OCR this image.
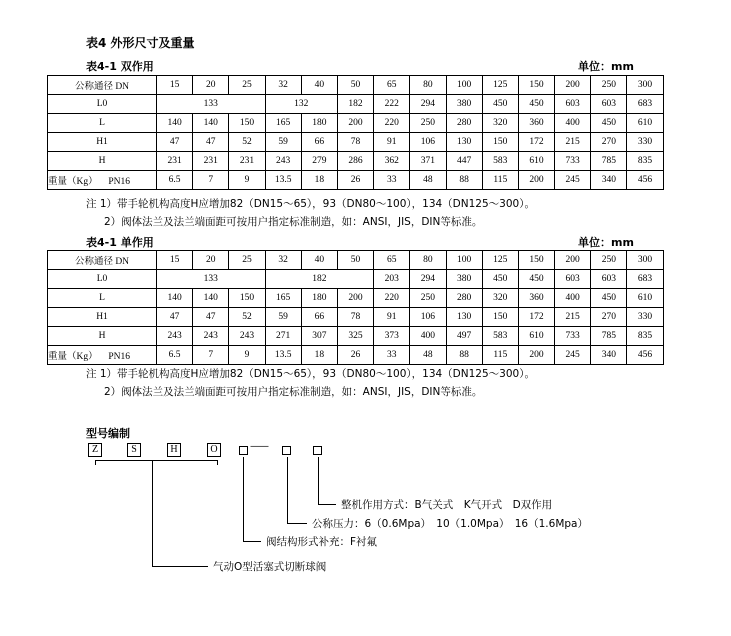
表4 外形尺寸及重量
表4-1 双作用	单位：mm
公称通径 DN	15	20	25	32	40	50	65	80	100	125	150	200	250	300
L0	133			132		182	222	294	380	450	450	603	603	683
L	140	140	150	165	180	200	220	250	280	320	360	400	450	610
H1	47	47	52	59	66	78	91	106	130	150	172	215	270	330
H	231	231	231	243	279	286	362	371	447	583	610	733	785	835
重量（Kg） PN16	6.5	7	9	13.5	18	26	33	48	88	115	200	245	340	456
注 1）带手轮机构高度H应增加82（DN15～65），93（DN80～100），134（DN125～300）。
2）阀体法兰及法兰端面距可按用户指定标准制造，如：ANSI，JIS，DIN等标准。
表4-1 单作用	单位：mm
公称通径 DN	15	20	25	32	40	50	65	80	100	125	150	200	250	300
L0	133			182			203	294	380	450	450	603	603	683
L	140	140	150	165	180	200	220	250	280	320	360	400	450	610
H1	47	47	52	59	66	78	91	106	130	150	172	215	270	330
H	243	243	243	271	307	325	373	400	497	583	610	733	785	835
重量（Kg） PN16	6.5	7	9	13.5	18	26	33	48	88	115	200	245	340	456
注 1）带手轮机构高度H应增加82（DN15～65），93（DN80～100），134（DN125～300）。
2）阀体法兰及法兰端面距可按用户指定标准制造，如：ANSI，JIS，DIN等标准。
型号编制
Z	S	H	O	——
整机作用方式：B气关式　K气开式　D双作用
公称压力：6（0.6Mpa）　10（1.0Mpa）　16（1.6Mpa）
阀结构形式补充：F衬氟
气动O型活塞式切断球阀
